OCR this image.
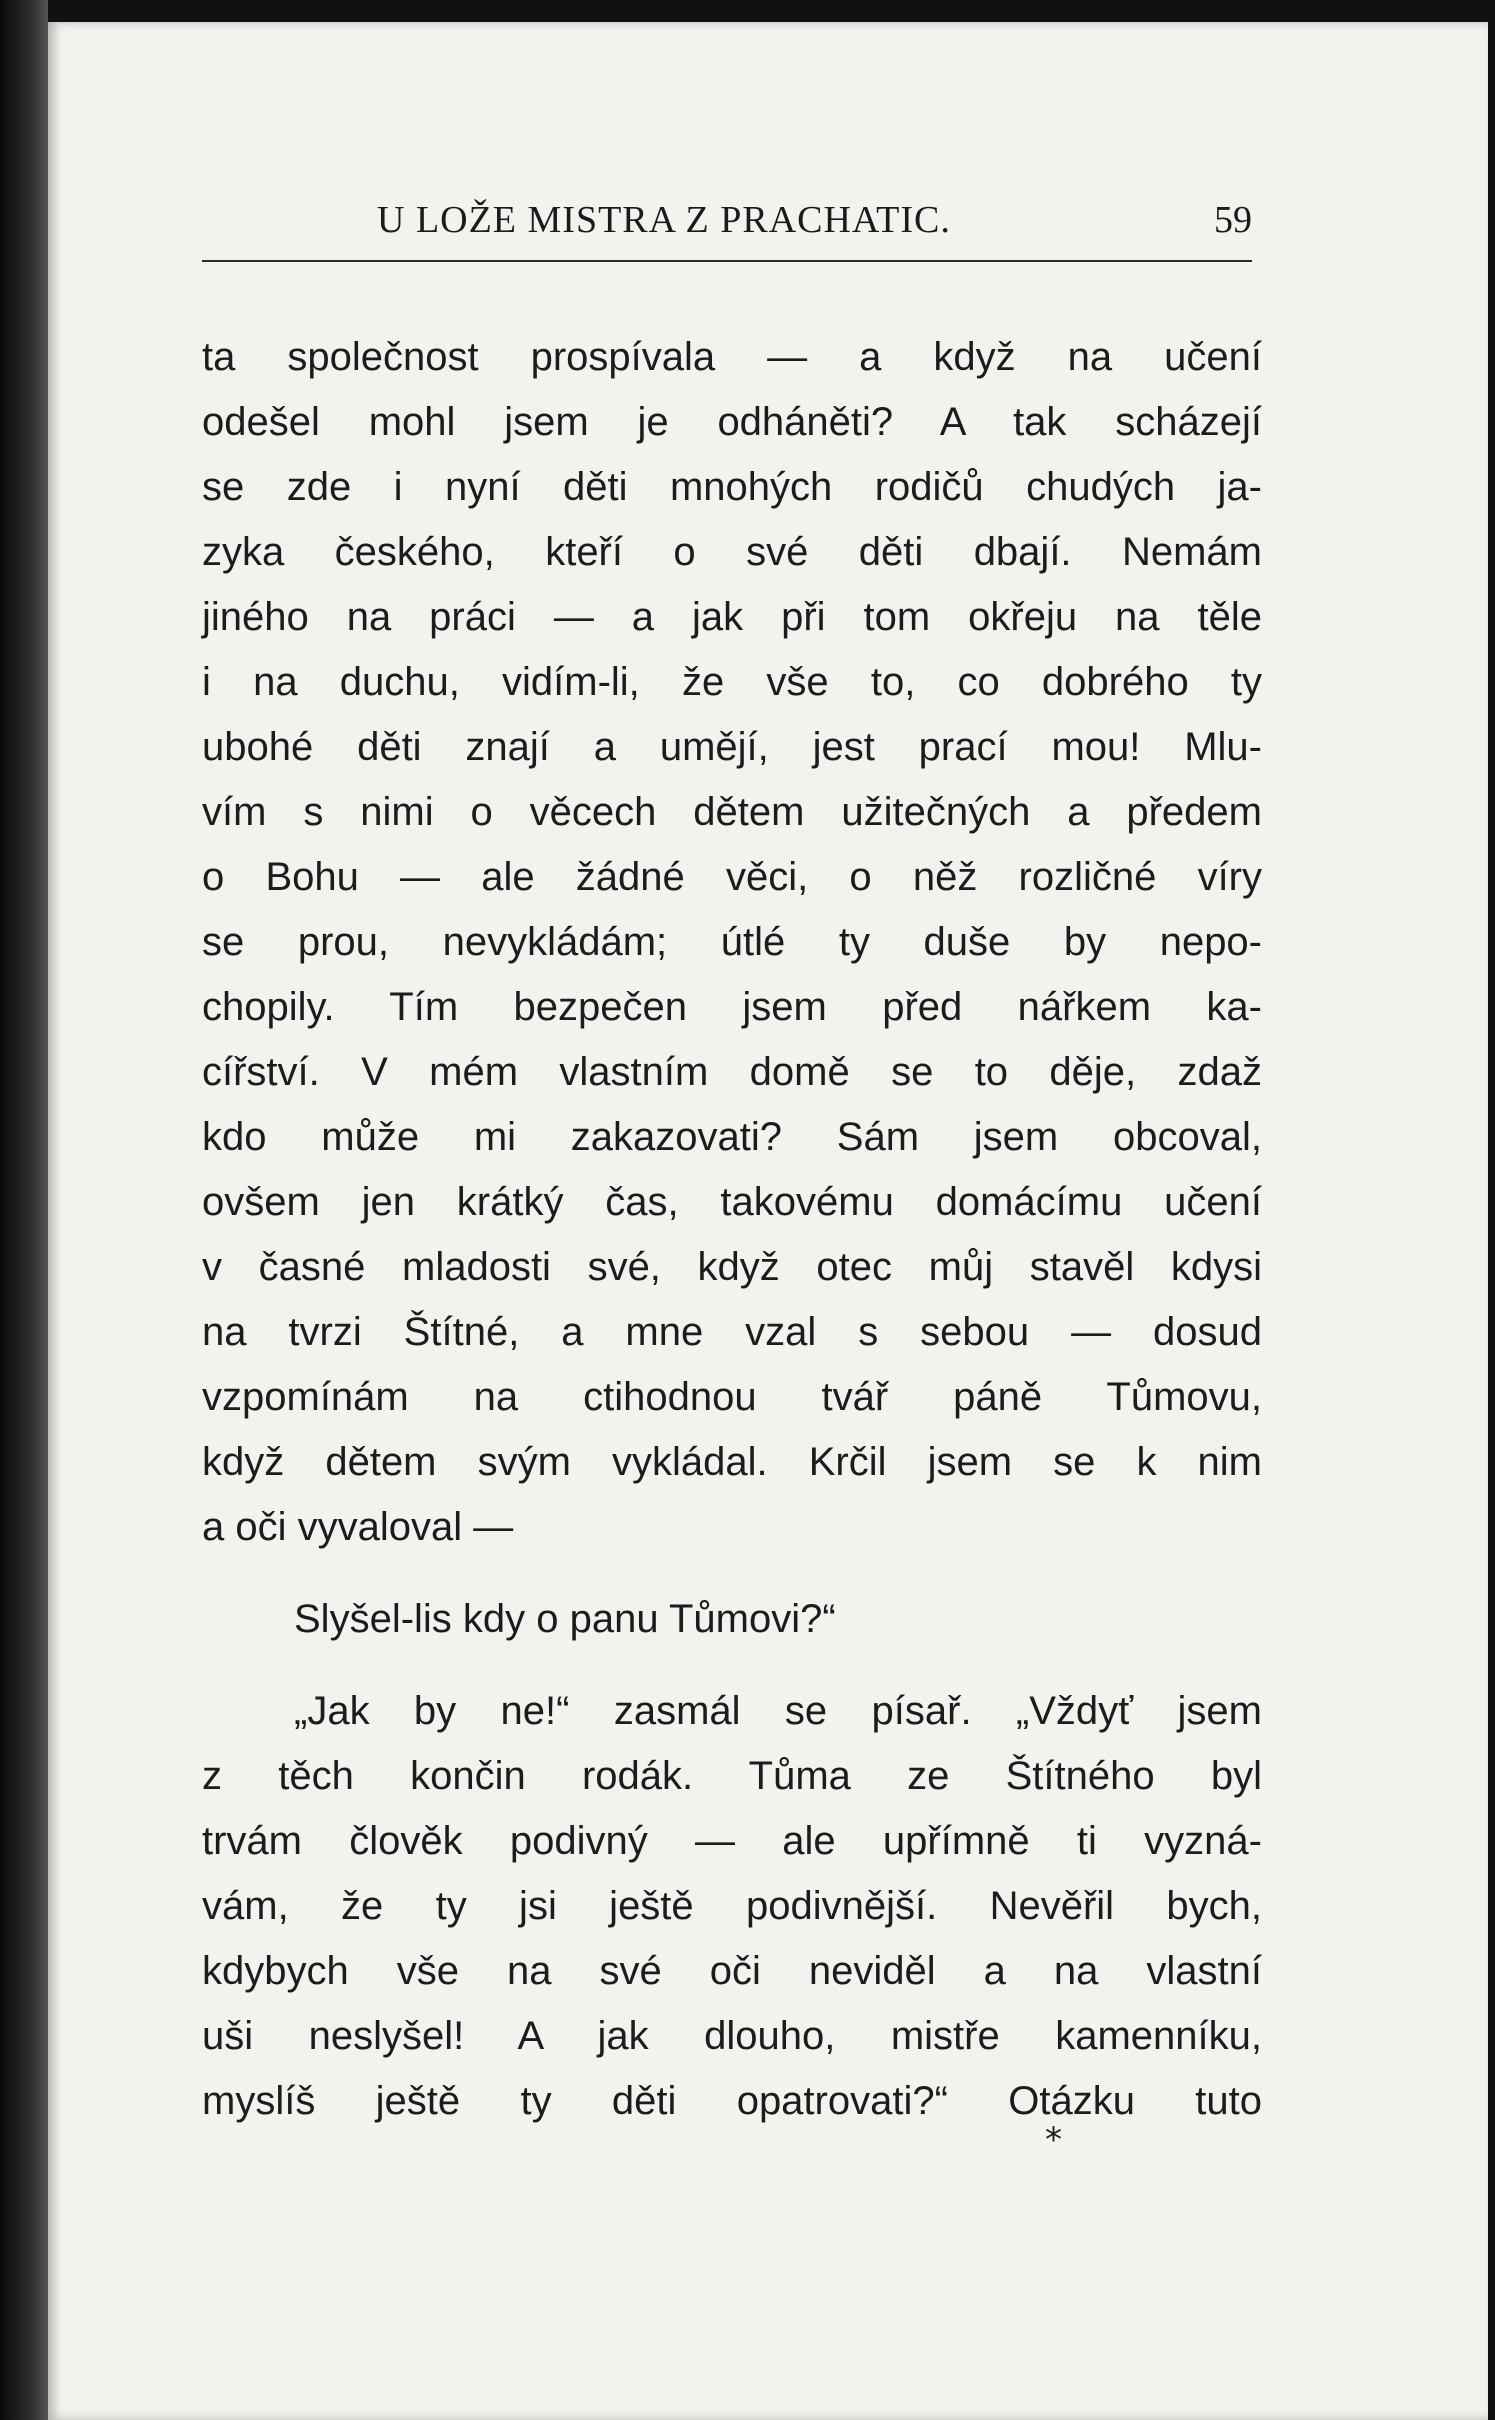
U LOŽE MISTRA Z PRACHATIC.	59
ta společnost prospívala — a když na učení
odešel mohl jsem je odháněti? A tak scházejí
se zde i nyní děti mnohých rodičů chudých ja-
zyka českého, kteří o své děti dbají. Nemám
jiného na práci — a jak při tom okřeju na těle
i na duchu, vidím-li, že vše to, co dobrého ty
ubohé děti znají a umějí, jest prací mou! Mlu-
vím s nimi o věcech dětem užitečných a předem
o Bohu — ale žádné věci, o něž rozličné víry
se prou, nevykládám; útlé ty duše by nepo-
chopily. Tím bezpečen jsem před nářkem ka-
cířství. V mém vlastním domě se to děje, zdaž
kdo může mi zakazovati? Sám jsem obcoval,
ovšem jen krátký čas, takovému domácímu učení
v časné mladosti své, když otec můj stavěl kdysi
na tvrzi Štítné, a mne vzal s sebou — dosud
vzpomínám na ctihodnou tvář páně Tůmovu,
když dětem svým vykládal. Krčil jsem se k nim
a oči vyvaloval —
Slyšel-lis kdy o panu Tůmovi?“
„Jak by ne!“ zasmál se písař. „Vždyť jsem
z těch končin rodák. Tůma ze Štítného byl
trvám člověk podivný — ale upřímně ti vyzná-
vám, že ty jsi ještě podivnější. Nevěřil bych,
kdybych vše na své oči neviděl a na vlastní
uši neslyšel! A jak dlouho, mistře kamenníku,
myslíš ještě ty děti opatrovati?“ Otázku tuto
*
